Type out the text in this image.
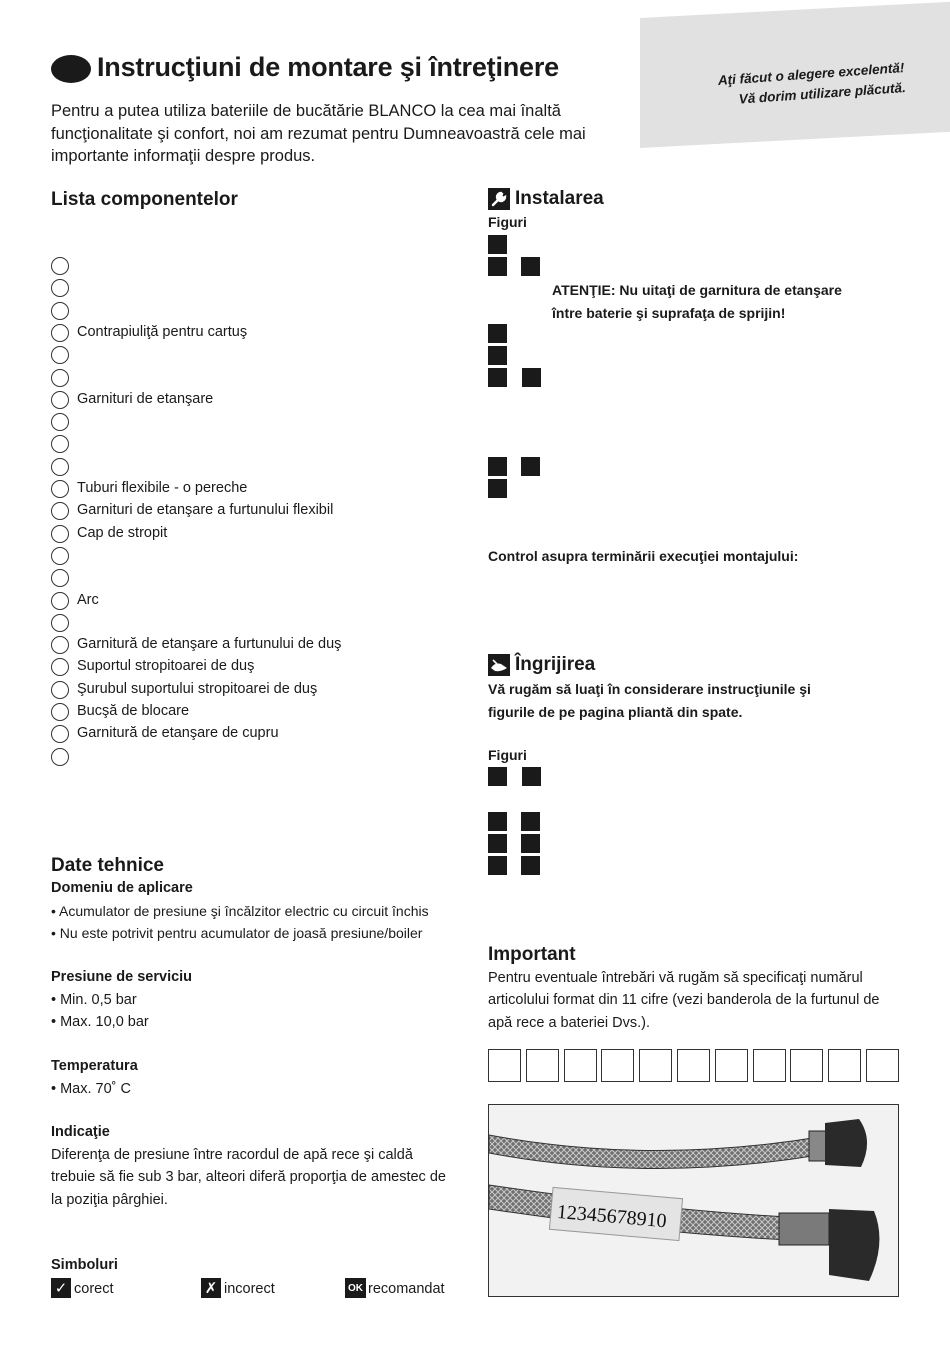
Aţi făcut o alegere excelentă!
Vă dorim utilizare plăcută.
Instrucţiuni de montare şi întreţinere
Pentru a putea utiliza bateriile de bucătărie BLANCO la cea mai înaltă funcţionalitate şi confort, noi am rezumat pentru Dumneavoastră cele mai importante informaţii despre produs.
Lista componentelor
Contrapiuliţă pentru cartuş
Garnituri de etanşare
Tuburi flexibile - o pereche
Garnituri de etanşare a furtunului flexibil
Cap de stropit
Arc
Garnitură de etanşare a furtunului de duş
Suportul stropitoarei de duş
Şurubul suportului stropitoarei de duş
Bucşă de blocare
Garnitură de etanşare de cupru
Date tehnice
Domeniu de aplicare
• Acumulator de presiune şi încălzitor electric cu circuit închis
• Nu este potrivit pentru acumulator de joasă presiune/boiler
Presiune de serviciu
• Min. 0,5 bar
• Max. 10,0 bar
Temperatura
• Max. 70˚ C
Indicaţie
Diferenţa de presiune între racordul de apă rece şi caldă trebuie să fie sub 3 bar, alteori diferă proporţia de amestec de la poziţia pârghiei.
Simboluri
✓ corect	✗ incorect	OK recomandat
Instalarea
Figuri
ATENŢIE: Nu uitaţi de garnitura de etanşare
între baterie şi suprafaţa de sprijin!
Control asupra terminării execuţiei montajului:
Îngrijirea
Vă rugăm să luaţi în considerare instrucţiunile şi
figurile de pe pagina pliantă din spate.
Figuri
Important
Pentru eventuale întrebări vă rugăm să specificaţi numărul articolului format din 11 cifre (vezi banderola de la furtunul de apă rece a bateriei Dvs.).
12345678910
